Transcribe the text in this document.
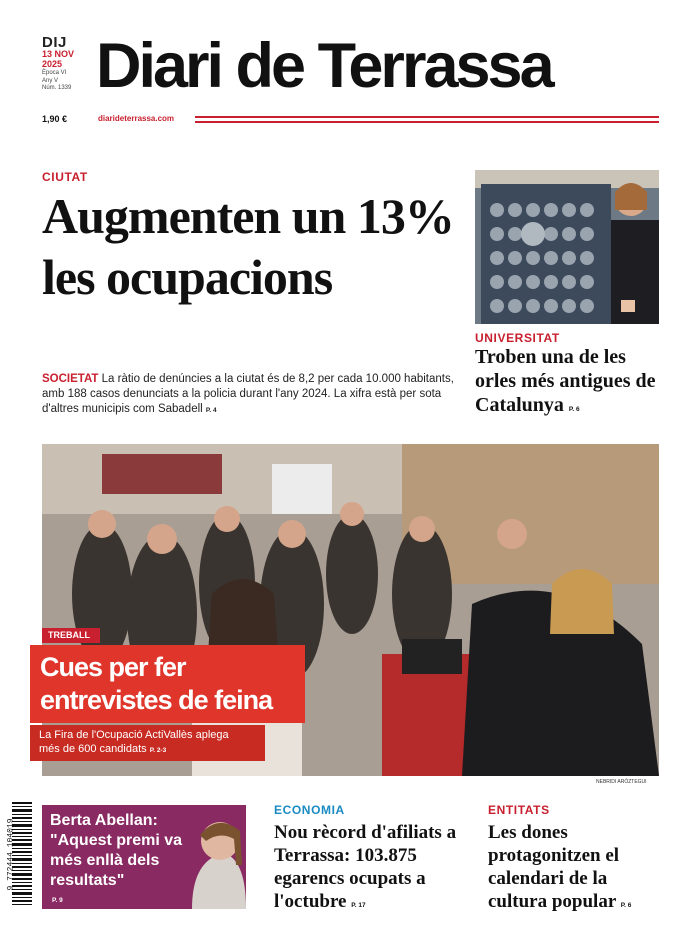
DIJ
13 NOV
2025
Època VI
Any V
Núm. 1339
1,90 €
Diari de Terrassa
diarideterrassa.com
CIUTAT
Augmenten un 13% les ocupacions
SOCIETAT La ràtio de denúncies a la ciutat és de 8,2 per cada 10.000 habitants, amb 188 casos denunciats a la policia durant l'any 2024. La xifra està per sota d'altres municipis com Sabadell P. 4
UNIVERSITAT
Troben una de les orles més antigues de Catalunya P. 6
NEBRIDI ARÓZTEGUI
TREBALL
Cues per fer
entrevistes de feina
La Fira de l'Ocupació ActiVallès aplega
més de 600 candidats P. 2-3
9 772444 104019 Berta Abellan: "Aquest premi va més enllà dels resultats"
P. 9
ECONOMIA
Nou rècord d'afiliats a Terrassa: 103.875 egarencs ocupats a l'octubre P. 17
ENTITATS
Les dones protagonitzen el calendari de la cultura popular P. 6
